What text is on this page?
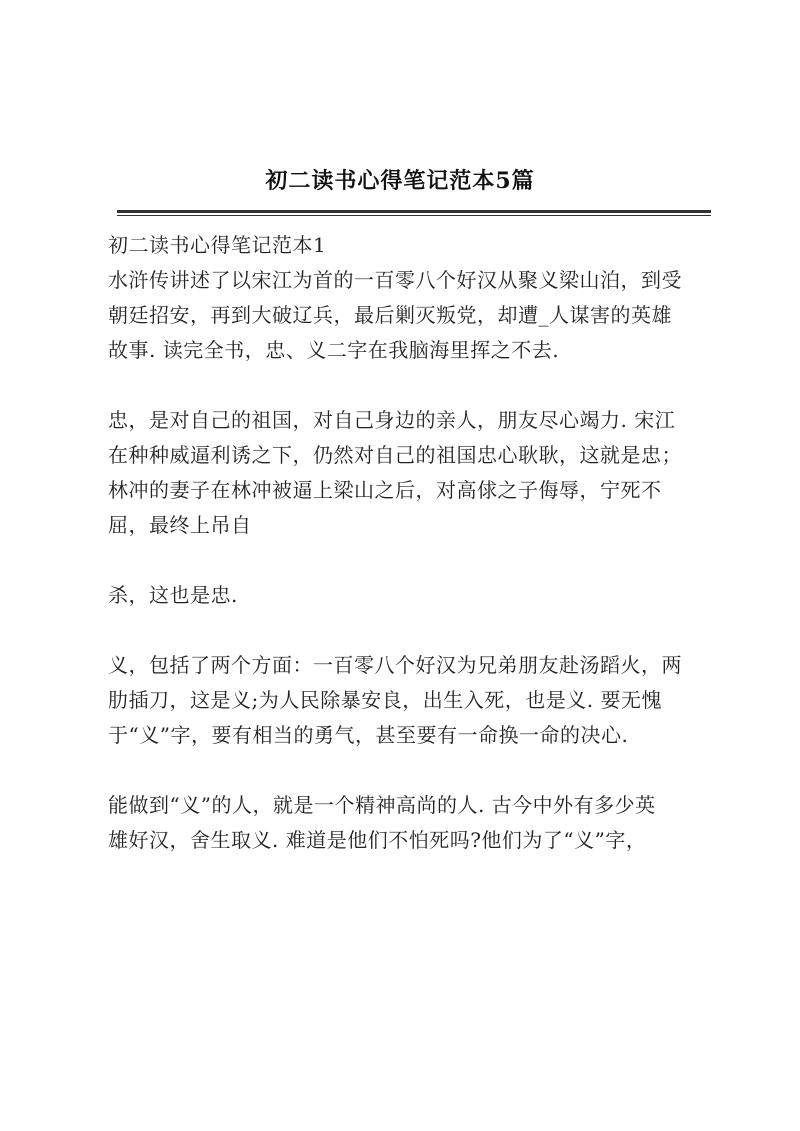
初二读书心得笔记范本5篇

初二读书心得笔记范本1

水浒传讲述了以宋江为首的一百零八个好汉从聚义梁山泊，到受
朝廷招安，再到大破辽兵，最后剿灭叛党，却遭_人谋害的英雄
故事. 读完全书，忠、义二字在我脑海里挥之不去.

忠，是对自己的祖国，对自己身边的亲人，朋友尽心竭力. 宋江
在种种威逼利诱之下，仍然对自己的祖国忠心耿耿，这就是忠；
林冲的妻子在林冲被逼上梁山之后，对高俅之子侮辱，宁死不
屈，最终上吊自

杀，这也是忠.

义，包括了两个方面：一百零八个好汉为兄弟朋友赴汤蹈火，两
肋插刀，这是义;为人民除暴安良，出生入死，也是义. 要无愧
于“义”字，要有相当的勇气，甚至要有一命换一命的决心.

能做到“义”的人，就是一个精神高尚的人. 古今中外有多少英
雄好汉，舍生取义. 难道是他们不怕死吗?他们为了“义”字，
